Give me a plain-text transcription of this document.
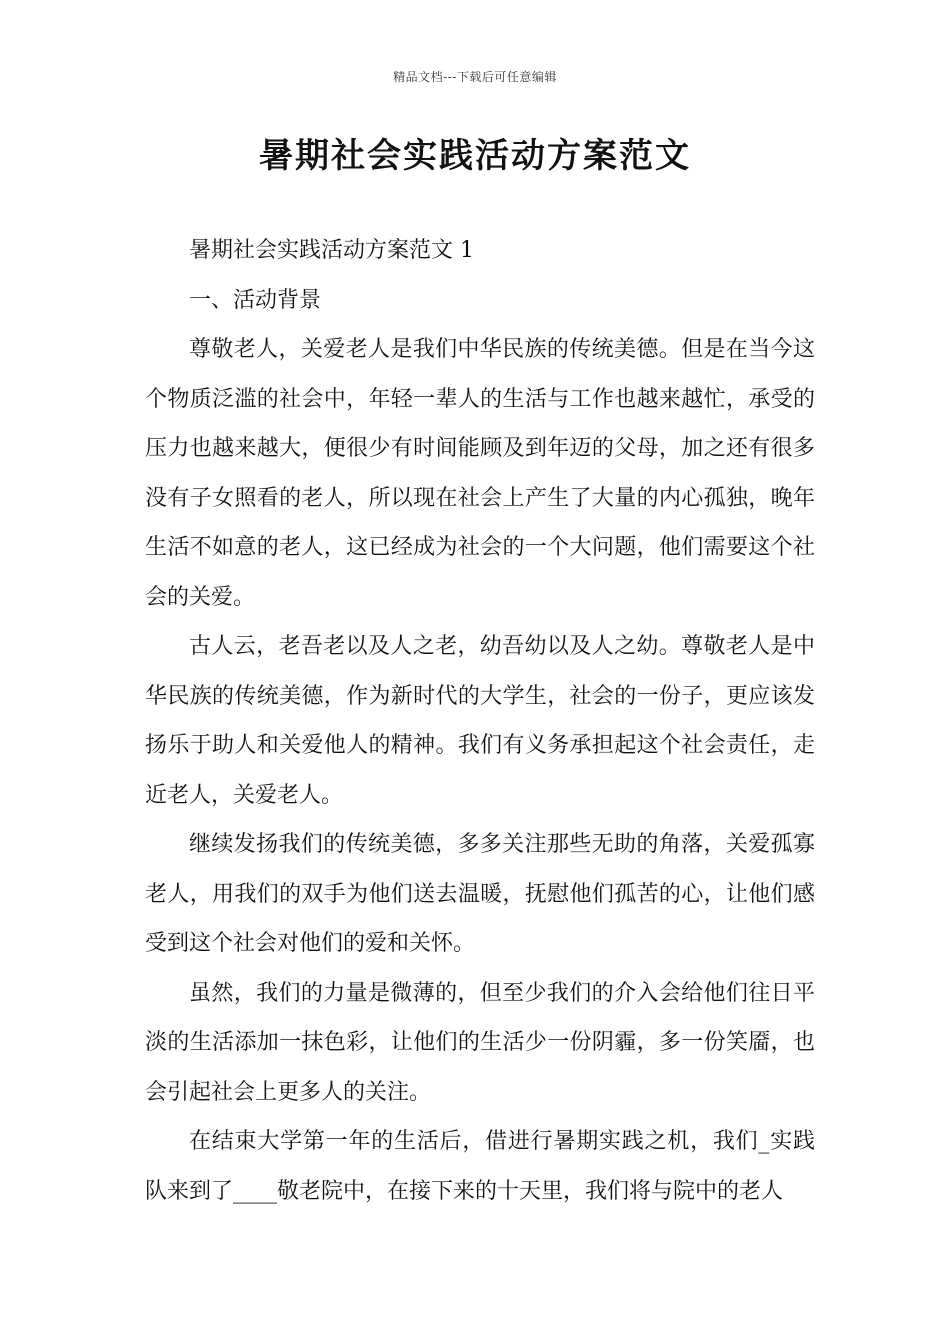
精品文档---下载后可任意编辑
暑期社会实践活动方案范文

暑期社会实践活动方案范文 1

一、活动背景

尊敬老人，关爱老人是我们中华民族的传统美德。但是在当今这个物质泛滥的社会中，年轻一辈人的生活与工作也越来越忙，承受的压力也越来越大，便很少有时间能顾及到年迈的父母，加之还有很多没有子女照看的老人，所以现在社会上产生了大量的内心孤独，晚年生活不如意的老人，这已经成为社会的一个大问题，他们需要这个社会的关爱。

古人云，老吾老以及人之老，幼吾幼以及人之幼。尊敬老人是中华民族的传统美德，作为新时代的大学生，社会的一份子，更应该发扬乐于助人和关爱他人的精神。我们有义务承担起这个社会责任，走近老人，关爱老人。

继续发扬我们的传统美德，多多关注那些无助的角落，关爱孤寡老人，用我们的双手为他们送去温暖，抚慰他们孤苦的心，让他们感受到这个社会对他们的爱和关怀。

虽然，我们的力量是微薄的，但至少我们的介入会给他们往日平淡的生活添加一抹色彩，让他们的生活少一份阴霾，多一份笑靥，也会引起社会上更多人的关注。

在结束大学第一年的生活后，借进行暑期实践之机，我们_实践队来到了____敬老院中，在接下来的十天里，我们将与院中的老人
